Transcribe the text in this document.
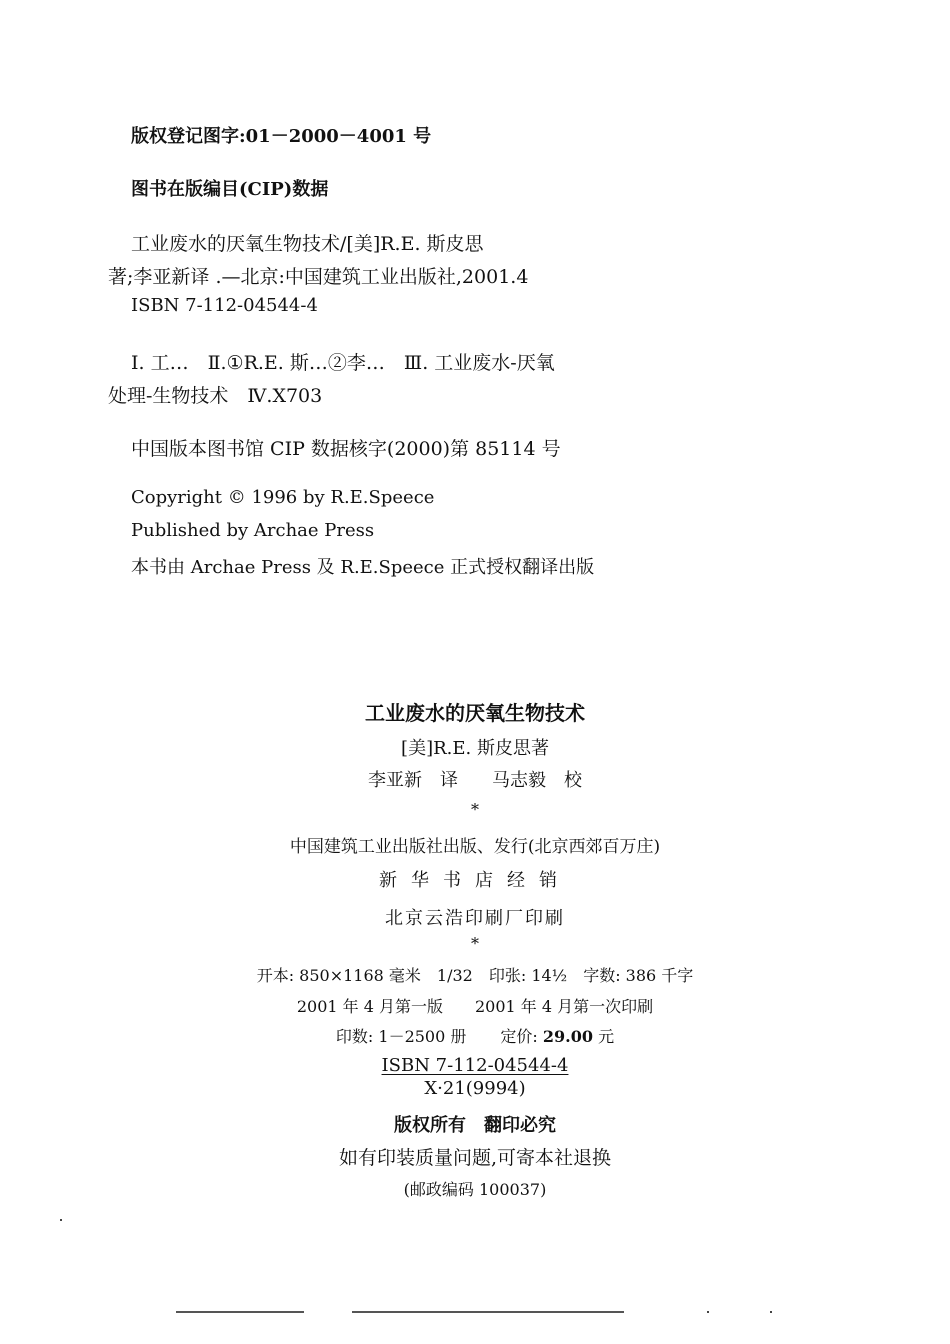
版权登记图字:01－2000－4001 号
图书在版编目(CIP)数据
工业废水的厌氧生物技术/[美]R.E. 斯皮思
著;李亚新译 .—北京:中国建筑工业出版社,2001.4
ISBN 7-112-04544-4
Ⅰ. 工…　Ⅱ.①R.E. 斯…②李…　Ⅲ. 工业废水-厌氧
处理-生物技术　Ⅳ.X703
中国版本图书馆 CIP 数据核字(2000)第 85114 号
Copyright © 1996 by R.E.Speece
Published by Archae Press
本书由 Archae Press 及 R.E.Speece 正式授权翻译出版
工业废水的厌氧生物技术
[美]R.E. 斯皮思著
李亚新　译 马志毅　校
*
中国建筑工业出版社出版、发行(北京西郊百万庄)
新华书店经销
北京云浩印刷厂印刷
*
开本: 850×1168 毫米　1/32　印张: 14½　字数: 386 千字
2001 年 4 月第一版　　2001 年 4 月第一次印刷
印数: 1－2500 册 定价: 29.00 元
ISBN 7-112-04544-4
X·21(9994)
版权所有　翻印必究
如有印装质量问题,可寄本社退换
(邮政编码 100037)
